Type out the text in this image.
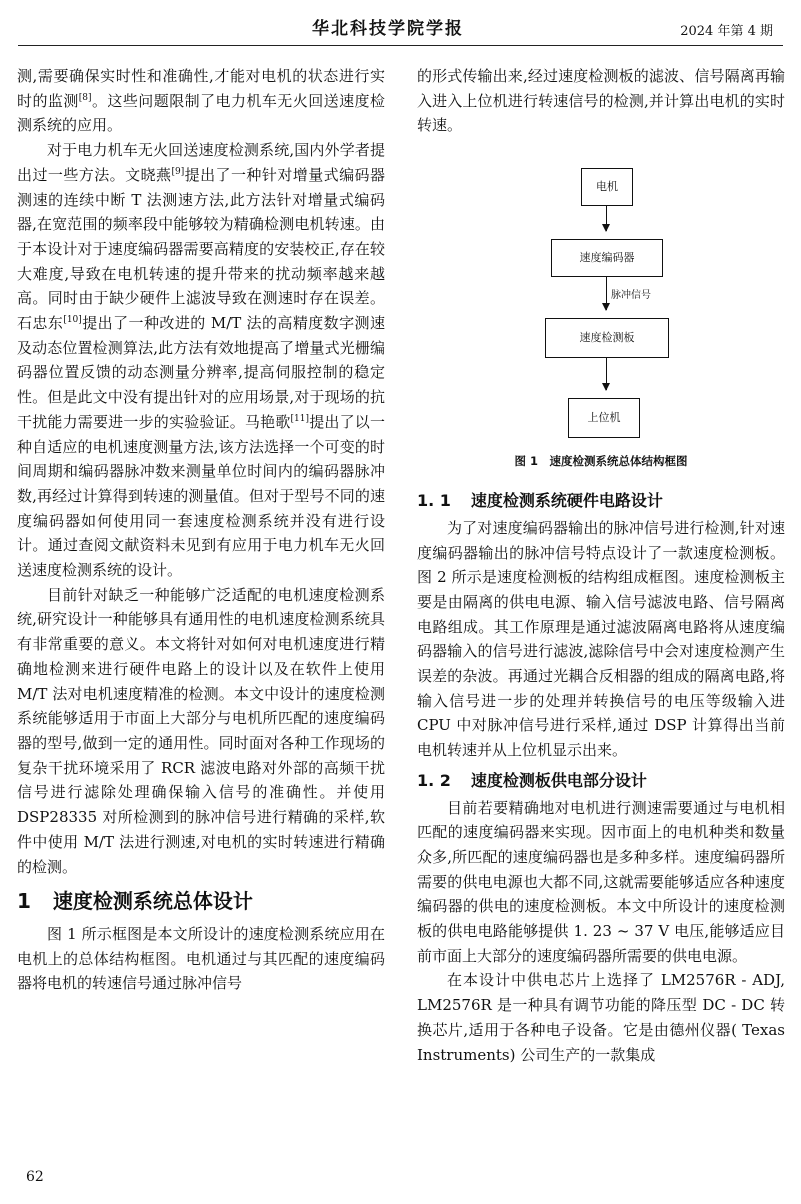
华北科技学院学报	2024 年第 4 期

测,需要确保实时性和准确性,才能对电机的状态进行实时的监测[8]。这些问题限制了电力机车无火回送速度检测系统的应用。

对于电力机车无火回送速度检测系统,国内外学者提出过一些方法。文晓燕[9]提出了一种针对增量式编码器测速的连续中断 T 法测速方法,此方法针对增量式编码器,在宽范围的频率段中能够较为精确检测电机转速。由于本设计对于速度编码器需要高精度的安装校正,存在较大难度,导致在电机转速的提升带来的扰动频率越来越高。同时由于缺少硬件上滤波导致在测速时存在误差。石忠东[10]提出了一种改进的 M/T 法的高精度数字测速及动态位置检测算法,此方法有效地提高了增量式光栅编码器位置反馈的动态测量分辨率,提高伺服控制的稳定性。但是此文中没有提出针对的应用场景,对于现场的抗干扰能力需要进一步的实验验证。马艳歌[11]提出了以一种自适应的电机速度测量方法,该方法选择一个可变的时间周期和编码器脉冲数来测量单位时间内的编码器脉冲数,再经过计算得到转速的测量值。但对于型号不同的速度编码器如何使用同一套速度检测系统并没有进行设计。通过查阅文献资料未见到有应用于电力机车无火回送速度检测系统的设计。

目前针对缺乏一种能够广泛适配的电机速度检测系统,研究设计一种能够具有通用性的电机速度检测系统具有非常重要的意义。本文将针对如何对电机速度进行精确地检测来进行硬件电路上的设计以及在软件上使用 M/T 法对电机速度精准的检测。本文中设计的速度检测系统能够适用于市面上大部分与电机所匹配的速度编码器的型号,做到一定的通用性。同时面对各种工作现场的复杂干扰环境采用了 RCR 滤波电路对外部的高频干扰信号进行滤除处理确保输入信号的准确性。并使用 DSP28335 对所检测到的脉冲信号进行精确的采样,软件中使用 M/T 法进行测速,对电机的实时转速进行精确的检测。

1 速度检测系统总体设计

图 1 所示框图是本文所设计的速度检测系统应用在电机上的总体结构框图。电机通过与其匹配的速度编码器将电机的转速信号通过脉冲信号

的形式传输出来,经过速度检测板的滤波、信号隔离再输入进入上位机进行转速信号的检测,并计算出电机的实时转速。

电机
速度编码器
脉冲信号
速度检测板
上位机
图 1　速度检测系统总体结构框图
1. 1 速度检测系统硬件电路设计

为了对速度编码器输出的脉冲信号进行检测,针对速度编码器输出的脉冲信号特点设计了一款速度检测板。图 2 所示是速度检测板的结构组成框图。速度检测板主要是由隔离的供电电源、输入信号滤波电路、信号隔离电路组成。其工作原理是通过滤波隔离电路将从速度编码器输入的信号进行滤波,滤除信号中会对速度检测产生误差的杂波。再通过光耦合反相器的组成的隔离电路,将输入信号进一步的处理并转换信号的电压等级输入进 CPU 中对脉冲信号进行采样,通过 DSP 计算得出当前电机转速并从上位机显示出来。

1. 2 速度检测板供电部分设计

目前若要精确地对电机进行测速需要通过与电机相匹配的速度编码器来实现。因市面上的电机种类和数量众多,所匹配的速度编码器也是多种多样。速度编码器所需要的供电电源也大都不同,这就需要能够适应各种速度编码器的供电的速度检测板。本文中所设计的速度检测板的供电电路能够提供 1. 23 ~ 37 V 电压,能够适应目前市面上大部分的速度编码器所需要的供电电源。

在本设计中供电芯片上选择了 LM2576R - ADJ, LM2576R 是一种具有调节功能的降压型 DC - DC 转换芯片,适用于各种电子设备。它是由德州仪器( Texas Instruments) 公司生产的一款集成

62
